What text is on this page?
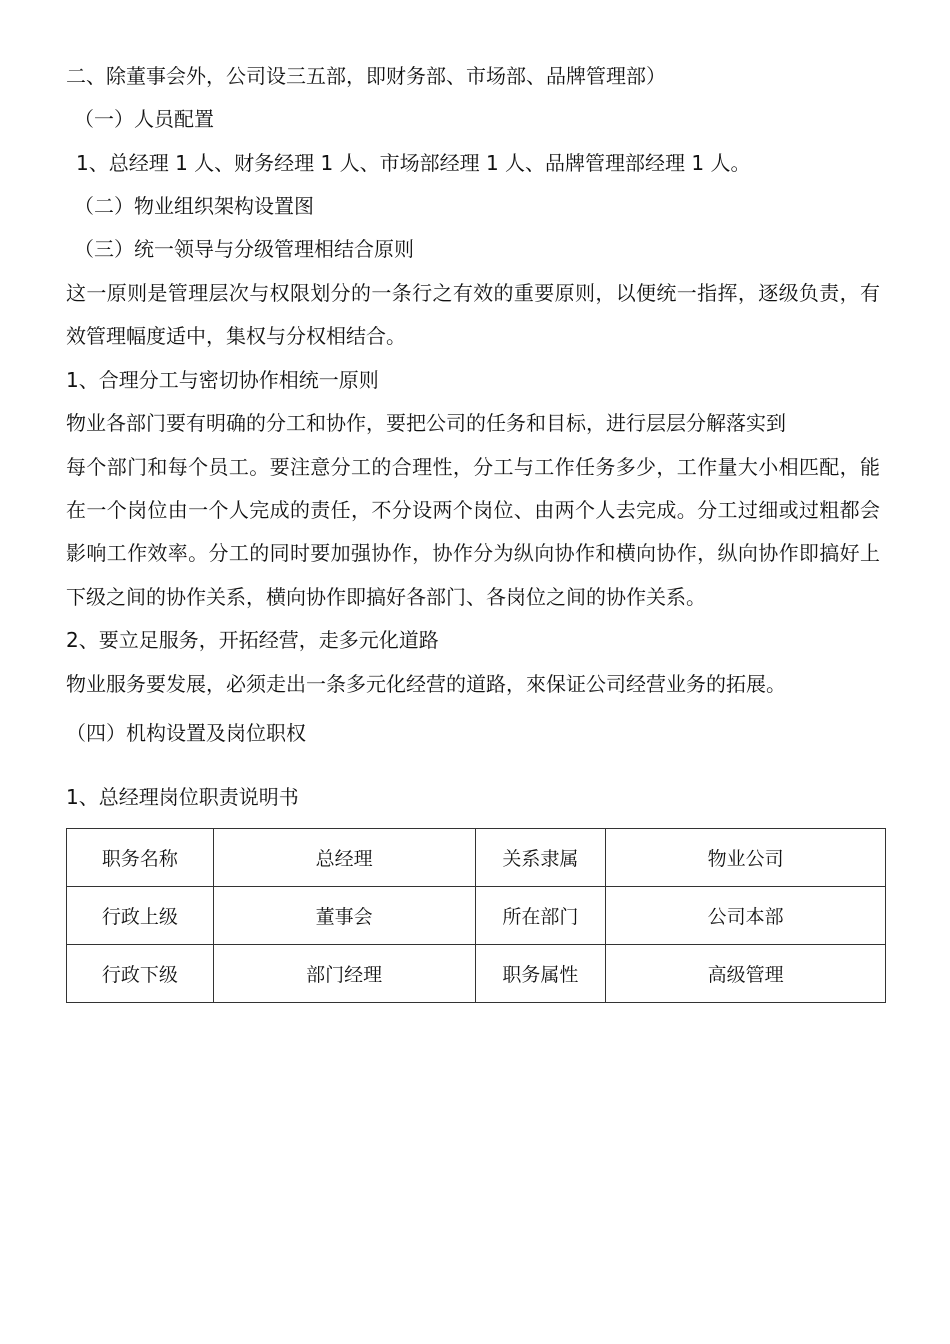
二、除董事会外，公司设三五部，即财务部、市场部、品牌管理部）
（一）人员配置
1、总经理 1 人、财务经理 1 人、市场部经理 1 人、品牌管理部经理 1 人。
（二）物业组织架构设置图
（三）统一领导与分级管理相结合原则
这一原则是管理层次与权限划分的一条行之有效的重要原则，以便统一指挥，逐级负责，有
效管理幅度适中，集权与分权相结合。
1、合理分工与密切协作相统一原则
物业各部门要有明确的分工和协作，要把公司的任务和目标，进行层层分解落实到
每个部门和每个员工。要注意分工的合理性，分工与工作任务多少，工作量大小相匹配，能
在一个岗位由一个人完成的责任，不分设两个岗位、由两个人去完成。分工过细或过粗都会
影响工作效率。分工的同时要加强协作，协作分为纵向协作和横向协作，纵向协作即搞好上
下级之间的协作关系，横向协作即搞好各部门、各岗位之间的协作关系。
2、要立足服务，开拓经营，走多元化道路
物业服务要发展，必须走出一条多元化经营的道路，來保证公司经营业务的拓展。
（四）机构设置及岗位职权
1、总经理岗位职责说明书
职务名称	总经理	关系隶属	物业公司
行政上级	董事会	所在部门	公司本部
行政下级	部门经理	职务属性	高级管理
